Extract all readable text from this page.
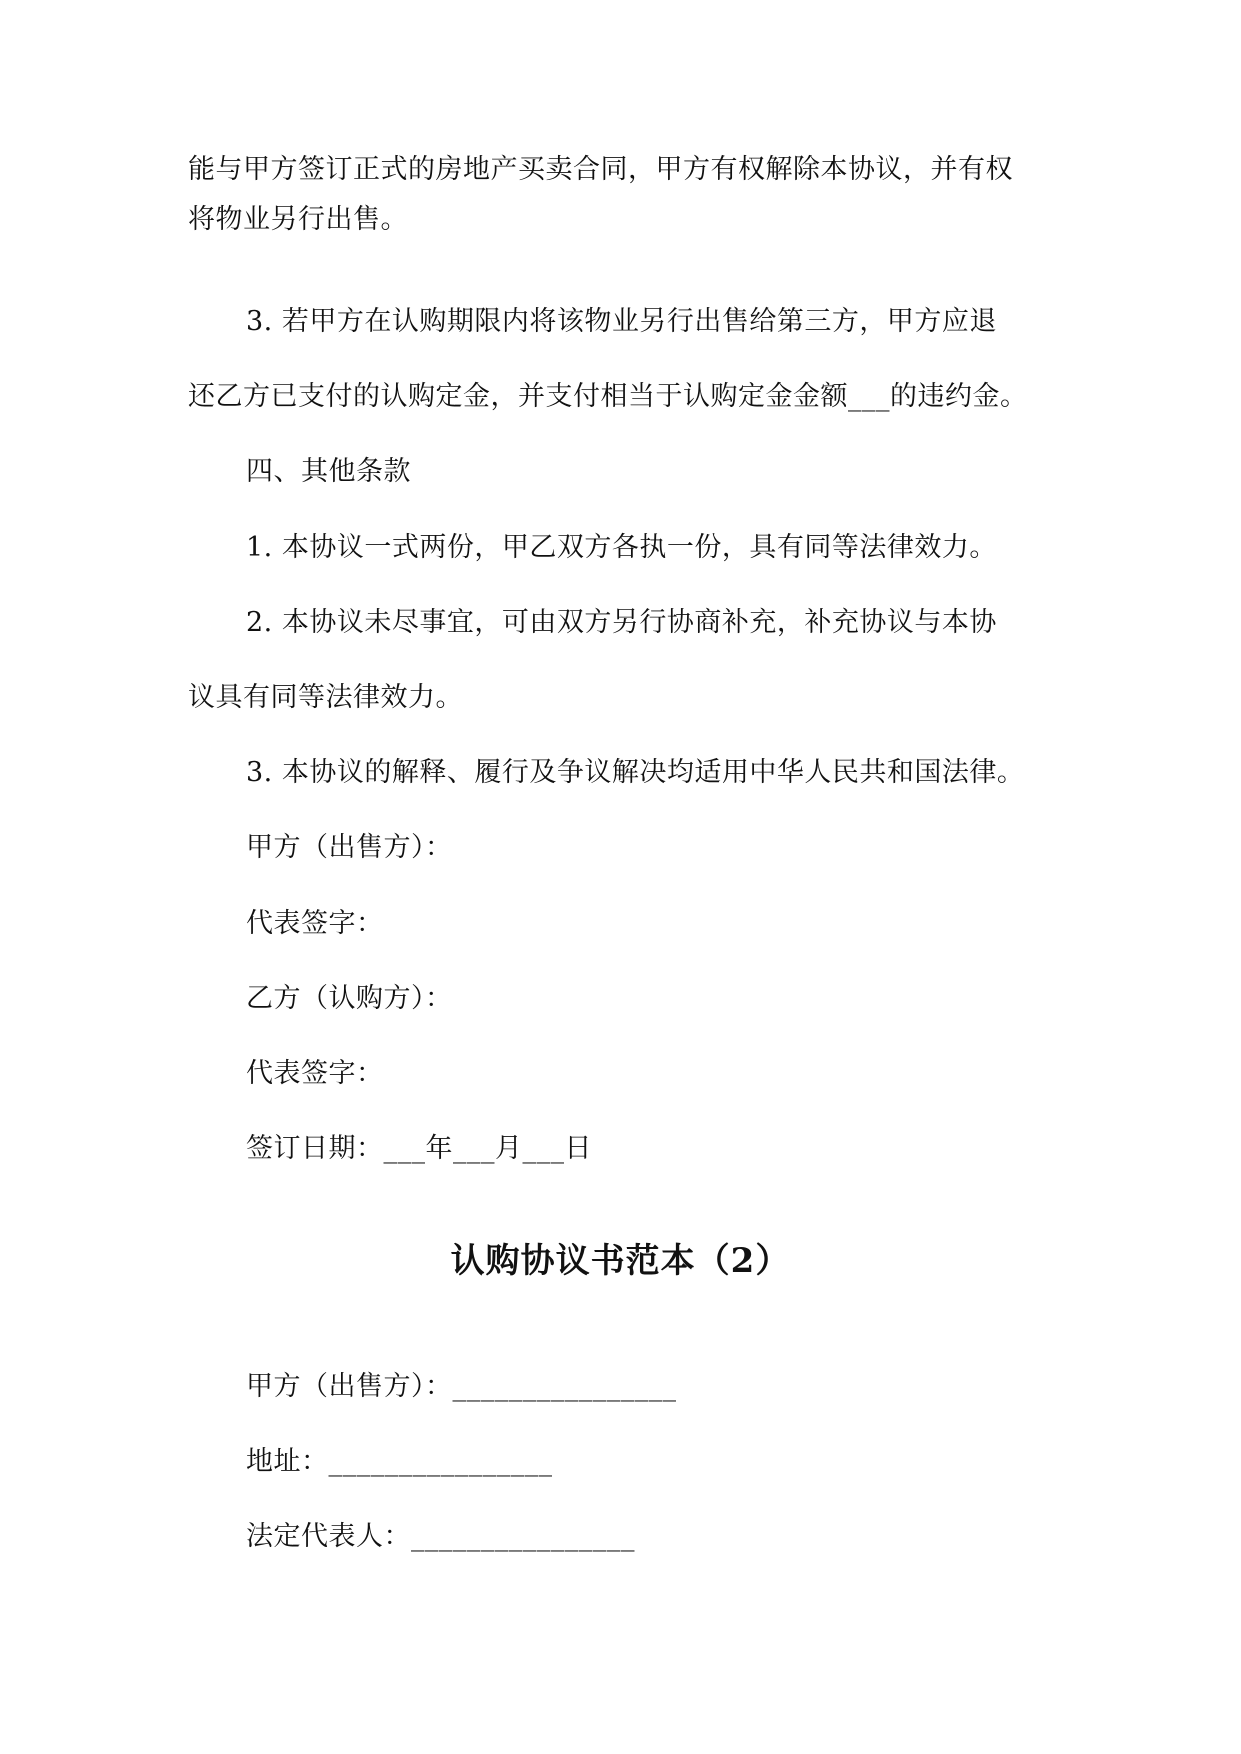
能与甲方签订正式的房地产买卖合同，甲方有权解除本协议，并有权
将物业另行出售。
3. 若甲方在认购期限内将该物业另行出售给第三方，甲方应退
还乙方已支付的认购定金，并支付相当于认购定金金额___的违约金。
四、其他条款
1. 本协议一式两份，甲乙双方各执一份，具有同等法律效力。
2. 本协议未尽事宜，可由双方另行协商补充，补充协议与本协
议具有同等法律效力。
3. 本协议的解释、履行及争议解决均适用中华人民共和国法律。
甲方（出售方）：
代表签字：
乙方（认购方）：
代表签字：
签订日期：___年___月___日
认购协议书范本（2）
甲方（出售方）：________________
地址：________________
法定代表人：________________
